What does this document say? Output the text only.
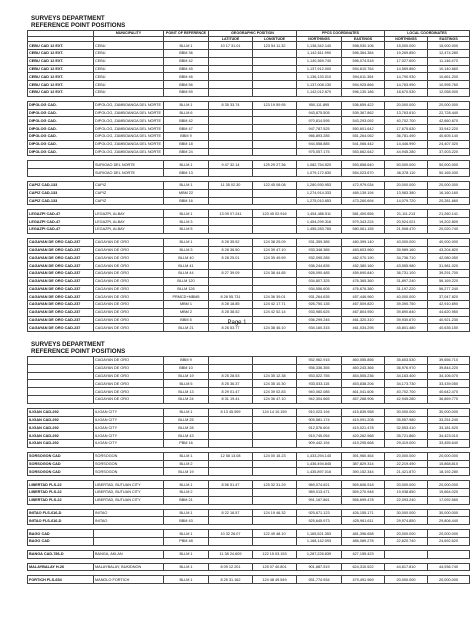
SURVEYS DEPARTMENT
REFERENCE POINT POSITIONS
	MUNICIPALITY	POINT OF REFERENCE	GEOGRAPHIC POSITION		PPCS COORDINATES		LOCAL COORDINATES	
			LATITUDE	LONGITUDE	NORTHINGS	EASTINGS	NORTHINGS	EASTINGS
CEBU CAD 12 EXT.	CEBU	BLLM 1	10 17 31.01	123 54 11.32	1,138,342.140	598,930.106	15,000.000	15,000.000
CEBU CAD 12 EXT.	CEBU	BBM 36			1,142,611.990	596,364.384	19,269.850	12,474.280
CEBU CAD 12 EXT.	CEBU	BBM 42			1,140,369.740	596,074.518	17,027.600	11,146.470
CEBU CAD 12 EXT.	CEBU	BBM 45			1,137,912.000	594,610.764	14,569.860	10,140.660
CEBU CAD 12 EXT.	CEBU	BBM 46			1,136,133.010	594,611.364	14,790.930	10,661.200
CEBU CAD 12 EXT.	CEBU	BBM 56			1,137,008.130	594,925.866	14,763.990	10,995.760
CEBU CAD 12 EXT.	CEBU	BBM 59			1,142,012.670	596,130.186	18,670.530	12,058.000

DIPOLOG CAD.	DIPOLOG, ZAMBOANGA DEL NORTE	BLLM 1	8 35 33.74	123 19 59.95	950,111.895	536,659.422	20,000.000	20,000.000
DIPOLOG CAD.	DIPOLOG, ZAMBOANGA DEL NORTE	BLLM 6			943,875.505	539,367.862	13,763.610	22,728.440
DIPOLOG CAD.	DIPOLOG, ZAMBOANGA DEL NORTE	BBM 42			970,814.595	543,293.092	40,702.700	42,660.670
DIPOLOG CAD.	DIPOLOG, ZAMBOANGA DEL NORTE	BBM 47			947,787.525	550,601.642	17,675.630	33,942.220
DIPOLOG CAD.	DIPOLOG, ZAMBOANGA DEL NORTE	BBM 9			966,893.285	551,264.062	36,781.490	40,605.140
DIPOLOG CAD.	DIPOLOG, ZAMBOANGA DEL NORTE	BBM 18			944,558.885	541,066.442	14,446.990	24,407.020
DIPOLOG CAD.	DIPOLOG, ZAMBOANGA DEL NORTE	BBM 24			975,057.175	553,662.642	44,945.280	37,003.220

	SURIGAO DEL NORTE	BLLM 1	9 47 32.14	125 29 27.36	1,082,754.520	553,858.640	50,000.000	50,000.000
	SURIGAO DEL NORTE	BBM 13			1,079,172.630	554,023.670	46,378.110	50,165.030

CAPIZ CAD-133	CAPIZ	BLLM 1	11 35 02.30	122 45 08.08	1,280,930.953	472,979.034	20,000.000	20,000.000
CAPIZ CAD-133	CAPIZ	MBM 22			1,274,914.333	469,139.194	13,983.380	16,160.160
CAPIZ CAD-133	CAPIZ	BBM 16			1,275,010.653	473,260.694	14,079.720	20,281.660

LEGAZPI CAD-47	LEGAZPI, ALBAY	BLLM 1	13 09 07.241	123 45 02.916	1,454,486.511	581,400.656	21,111.213	21,260.141
LEGAZPI CAD-47	LEGAZPI, ALBAY	BLLM 3			1,454,299.316	579,343.224	20,924.021	19,202.809
LEGAZPI CAD-47	LEGAZPI, ALBAY	BLLM 5			1,455,283.765	580,061.155	21,908.470	20,020.740

CAGAYAN DE ORO CAD-237	CAGAYAN DE ORO	BLLM 1	8 28 35.52	124 38 25.09	931,359.385	460,399.140	40,000.000	40,000.000
CAGAYAN DE ORO CAD-237	CAGAYAN DE ORO	BLLM 3	8 28 36.50	124 39 47.10	933,348.385	463,603.960	39,989.160	43,204.820
CAGAYAN DE ORO CAD-237	CAGAYAN DE ORO	BLLM 40	8 28 25.01	124 39 49.59	932,095.285	462,070.190	34,736.710	42,080.050
CAGAYAN DE ORO CAD-237	CAGAYAN DE ORO	BLLM 41			936,244.835	452,380.160	43,555.980	31,981.020
CAGAYAN DE ORO CAD-237	CAGAYAN DE ORO	BLLM 44	8 27 39.09	124 38 44.85	928,090.485	459,690.840	36,731.100	39,291.700
CAGAYAN DE ORO CAD-237	CAGAYAN DE ORO	BLLM 120			934,807.325	476,365.360	31,897.240	56,169.220
CAGAYAN DE ORO CAD-237	CAGAYAN DE ORO	BLLM 126			934,556.605	476,676.380	31,197.220	56,277.240
CAGAYAN DE ORO CAD-237	CAGAYAN DE ORO	PRMCD+MBM5	8 28 55.731	124 36 39.01	931,264.635	457,446.960	40,000.000	37,047.820
CAGAYAN DE ORO CAD-237	CAGAYAN DE ORO	MBM 1	8 28 18.85	124 42 17.71	926,750.135	467,509.820	39,390.750	42,910.690
CAGAYAN DE ORO CAD-237	CAGAYAN DE ORO	MBM 2	8 28 38.52	124 42 52.14	933,980.625	467,804.950	39,890.840	44,620.950
CAGAYAN DE ORO CAD-237	CAGAYAN DE ORO	BBM 5			936,299.245	461,320.310	39,930.670	40,921.230
CAGAYAN DE ORO CAD-237	CAGAYAN DE ORO	BLLM 21	8 26 53.77	124 38 46.10	934,160.315	461,034.295	45,801.480	40,635.150
Page 1
SURVEYS DEPARTMENT
REFERENCE POINT POSITIONS
	CAGAYAN DE ORO	BBM 9			932,962.915	460,055.856	35,603.530	39,656.710
	CAGAYAN DE ORO	BBM 10			936,336.355	460,243.366	36,976.970	39,844.220
	CAGAYAN DE ORO	BLLM 19	8 25 28.53	124 35 12.38	933,522.755	454,505.236	34,163.400	34,106.070
	CAGAYAN DE ORO	BLLM 5	8 25 36.37	124 35 10.30	933,533.115	453,838.206	34,173.730	33,439.050
	CAGAYAN DE ORO	BLLM 13	8 29 01.47	124 39 02.83	940,062.085	461,041.606	40,702.700	40,642.470
	CAGAYAN DE ORO	BLLM 24	8 31 19.41	124 36 47.10	942,304.665	457,268.906	42,945.280	36,869.770

ILIGAN CAD-292	ILIGAN CITY	BLLM 1	8 13 45.599	124 14 10.159	910,023.194	415,839.958	30,000.000	30,000.000
ILIGAN CAD-292	ILIGAN CITY	BLLM 25			905,581.174	419,091.208	35,557.980	33,251.240
ILIGAN CAD-292	ILIGAN CITY	BLLM 28			912,576.604	419,021.478	32,553.410	33,181.520
ILIGAN CAD-292	ILIGAN CITY	BLLM 43			915,745.054	420,262.968	35,721.860	34,423.010
ILIGAN CAD-292	ILIGAN CITY	PBM 16			909,442.194	419,295.668	29,419.000	33,455.640

SORSOGON CAD	SORSOGON	BLLM 1	12 58 13.08	124 00 15.23	1,433,294.145	391,960.464	20,000.000	20,000.000
SORSOGON CAD	SORSOGON	BLLM 2			1,436,494.845	387,829.314	22,219.490	15,868.810
SORSOGON CAD	SORSOGON	BLLM 19			1,435,897.016	390,152.344	21,421.870	18,192.280

LIBERTAD FLS-22	LIBERTAD, BUTUAN CITY	BLLM 1	8 56 51.47	125 32 31.29	989,074.621	559,606.918	20,000.000	20,000.000
LIBERTAD FLS-22	LIBERTAD, BUTUAN CITY	BLLM 2			989,013.471	559,270.948	19,938.850	19,664.020
LIBERTAD FLS-22	LIBERTAD, BUTUAN CITY	BBM 21			991,167.861	556,699.478	22,093.240	17,092.560

INITAO FLS-616-D	INITAO	BLLM 1	8 22 16.57	124 19 46.32	925,671.123	426,155.171	30,000.000	30,000.000
INITAO FLS-616-D	INITAO	BBM 43			925,645.973	425,961.611	29,974.850	29,806.440

BAGO CAD		BLLM 1	10 32 26.07	122 49 48.10	1,165,521.353	481,396.658	20,000.000	20,000.000
BAGO CAD		PBM 48			1,168,142.093	486,089.278	22,620.740	24,692.620

BANGA CAD-786-D	BANGA, AKLAN	BLLM 1	11 38 24.609	122 15 03.153	1,287,226.839	427,155.423		

MALAYBALAY H-26	MALAYBALAY, BUKIDNON	BLLM 1	8 09 12.201	125 07 40.801	901,687.519	624,310.522	44,617.810	44,936.740

FORTICH FLS-654	MANOLO FORTICH	BLLM 1	8 25 31.162	124 48 49.549	931,774.934	479,491.969	20,000.000	20,000.000
